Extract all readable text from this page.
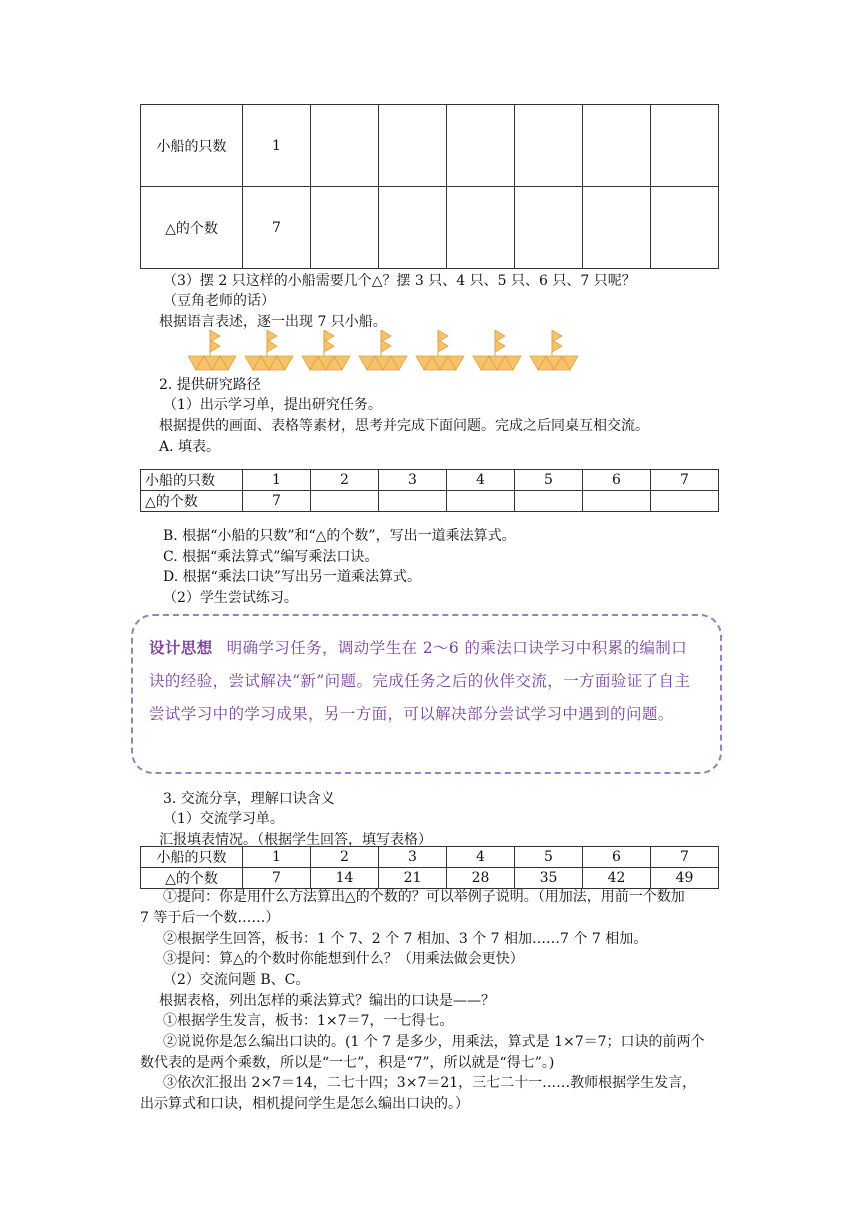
小船的只数	1						
△的个数	7						
（3）摆 2 只这样的小船需要几个△？摆 3 只、4 只、5 只、6 只、7 只呢？
（豆角老师的话）
根据语言表述，逐一出现 7 只小船。
2. 提供研究路径
（1）出示学习单，提出研究任务。
根据提供的画面、表格等素材，思考并完成下面问题。完成之后同桌互相交流。
A. 填表。
小船的只数	1	2	3	4	5	6	7
△的个数	7						
B. 根据“小船的只数”和“△的个数”，写出一道乘法算式。
C. 根据“乘法算式”编写乘法口诀。
D. 根据“乘法口诀”写出另一道乘法算式。
（2）学生尝试练习。
设计思想 明确学习任务，调动学生在 2～6 的乘法口诀学习中积累的编制口诀的经验，尝试解决“新”问题。完成任务之后的伙伴交流，一方面验证了自主尝试学习中的学习成果，另一方面，可以解决部分尝试学习中遇到的问题。
3. 交流分享，理解口诀含义
（1）交流学习单。
汇报填表情况。（根据学生回答，填写表格）
小船的只数	1	2	3	4	5	6	7
△的个数	7	14	21	28	35	42	49
①提问：你是用什么方法算出△的个数的？可以举例子说明。（用加法，用前一个数加
7 等于后一个数……）
②根据学生回答，板书：1 个 7、2 个 7 相加、3 个 7 相加……7 个 7 相加。
③提问：算△的个数时你能想到什么？（用乘法做会更快）
（2）交流问题 B、C。
根据表格，列出怎样的乘法算式？编出的口诀是——？
①根据学生发言，板书：1×7＝7，一七得七。
②说说你是怎么编出口诀的。(1 个 7 是多少，用乘法，算式是 1×7＝7；口诀的前两个
数代表的是两个乘数，所以是“一七”，积是“7”，所以就是“得七”。)
③依次汇报出 2×7＝14，二七十四；3×7＝21，三七二十一……教师根据学生发言，
出示算式和口诀，相机提问学生是怎么编出口诀的。）
